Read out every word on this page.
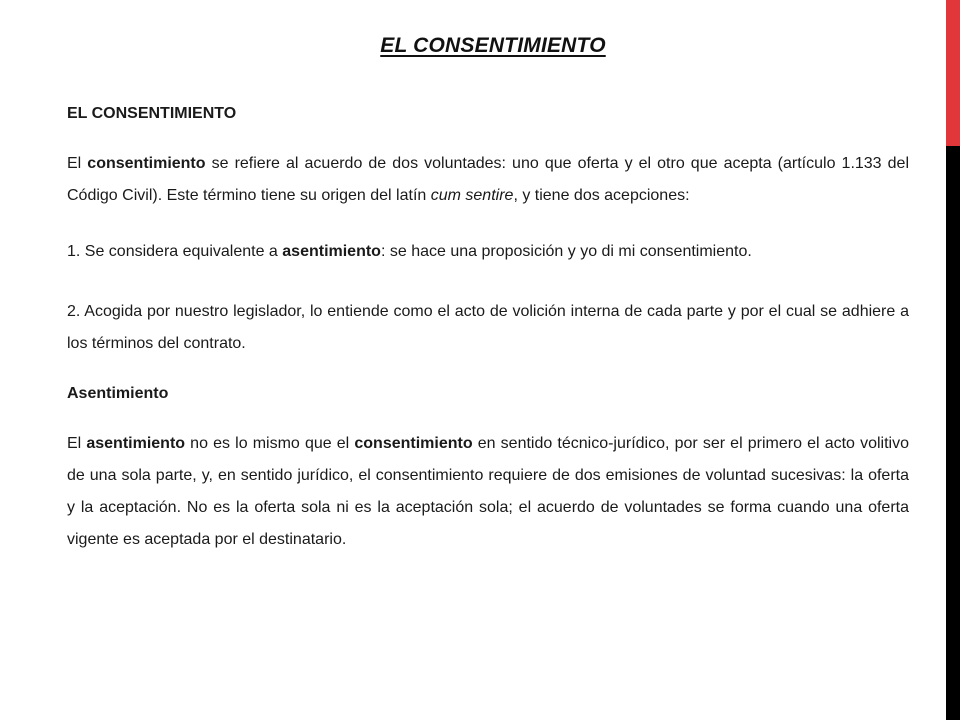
EL CONSENTIMIENTO
EL CONSENTIMIENTO

El consentimiento se refiere al acuerdo de dos voluntades: uno que oferta y el otro que acepta (artículo 1.133 del Código Civil). Este término tiene su origen del latín cum sentire, y tiene dos acepciones:

1. Se considera equivalente a asentimiento: se hace una proposición y yo di mi consentimiento.

2. Acogida por nuestro legislador, lo entiende como el acto de volición interna de cada parte y por el cual se adhiere a los términos del contrato.

Asentimiento

El asentimiento no es lo mismo que el consentimiento en sentido técnico-jurídico, por ser el primero el acto volitivo de una sola parte, y, en sentido jurídico, el consentimiento requiere de dos emisiones de voluntad sucesivas: la oferta y la aceptación. No es la oferta sola ni es la aceptación sola; el acuerdo de voluntades se forma cuando una oferta vigente es aceptada por el destinatario.
